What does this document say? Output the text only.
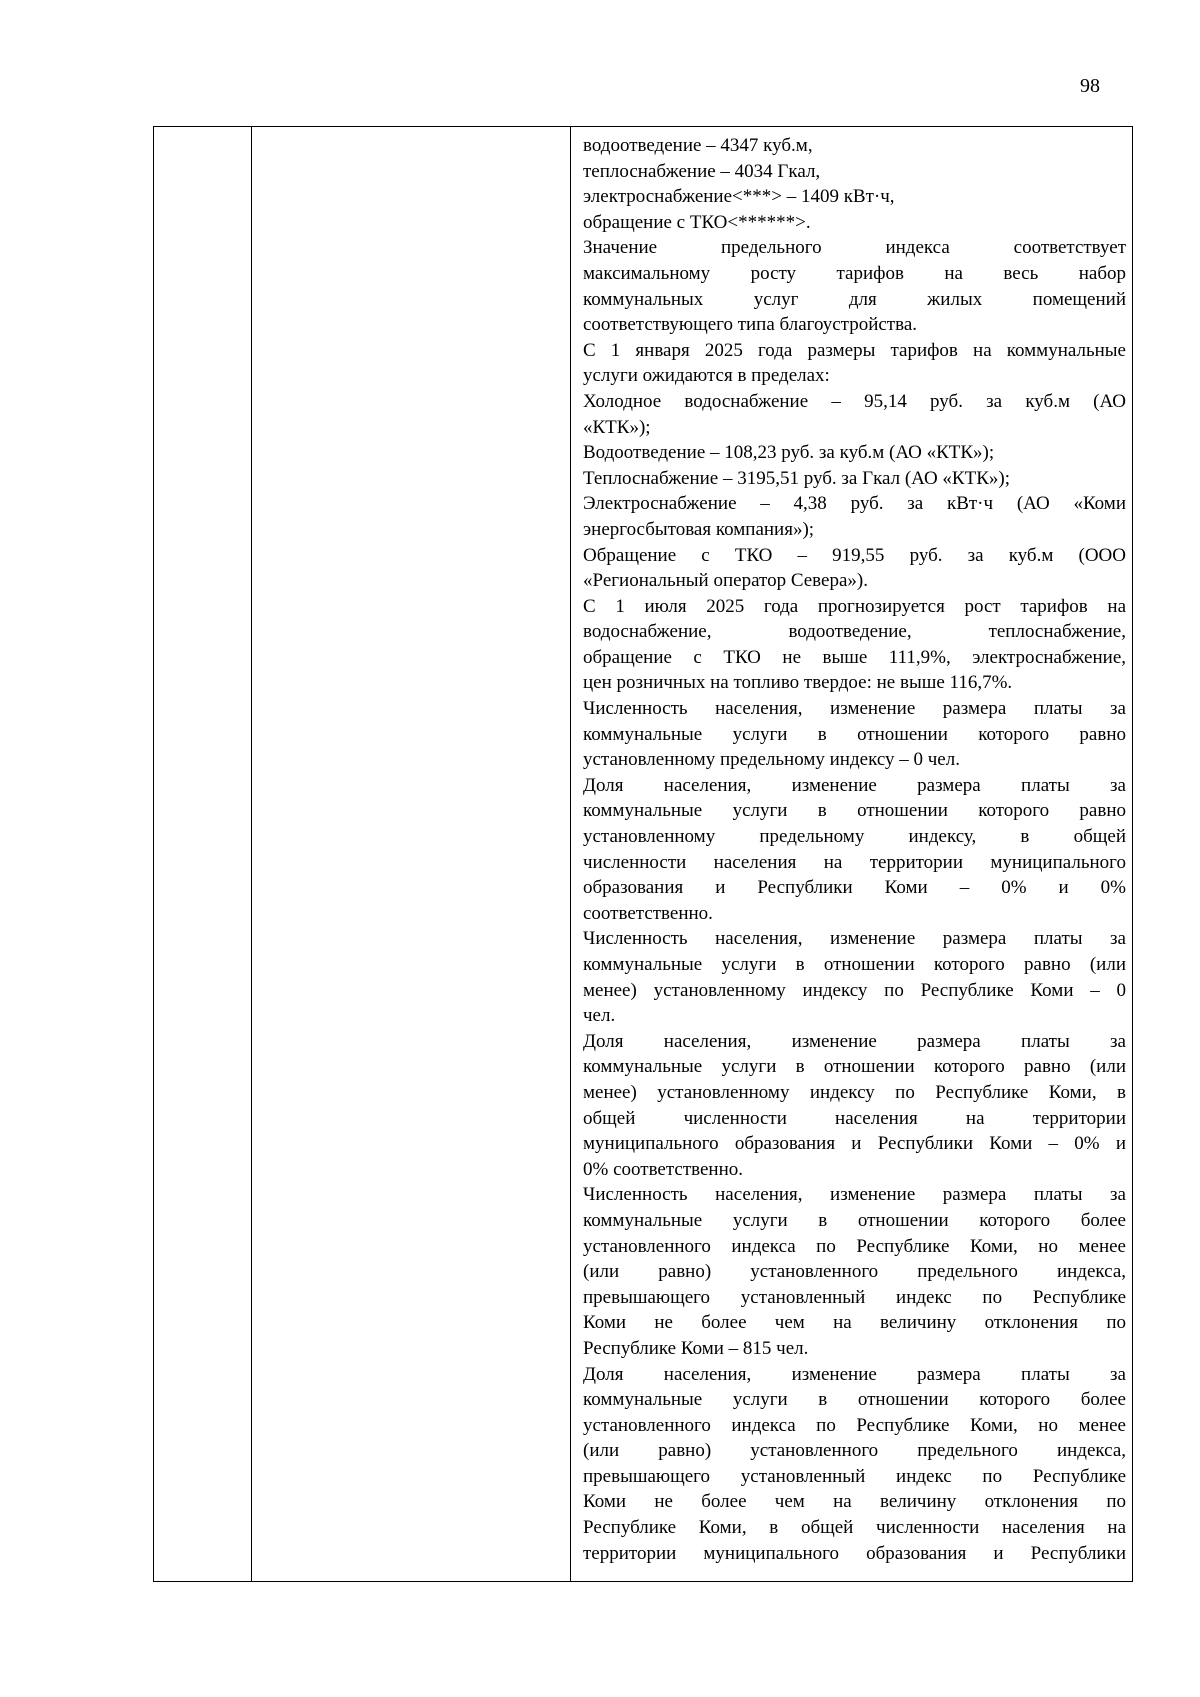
98

водоотведение – 4347 куб.м,
теплоснабжение – 4034 Гкал,
электроснабжение<***> – 1409 кВт·ч,
обращение с ТКО<******>.
Значение предельного индекса соответствует
максимальному росту тарифов на весь набор
коммунальных услуг для жилых помещений
соответствующего типа благоустройства.
С 1 января 2025 года размеры тарифов на коммунальные
услуги ожидаются в пределах:
Холодное водоснабжение – 95,14 руб. за куб.м (АО
«КТК»);
Водоотведение – 108,23 руб. за куб.м (АО «КТК»);
Теплоснабжение – 3195,51 руб. за Гкал (АО «КТК»);
Электроснабжение – 4,38 руб. за кВт·ч (АО «Коми
энергосбытовая компания»);
Обращение с ТКО – 919,55 руб. за куб.м (ООО
«Региональный оператор Севера»).
С 1 июля 2025 года прогнозируется рост тарифов на
водоснабжение, водоотведение, теплоснабжение,
обращение с ТКО не выше 111,9%, электроснабжение,
цен розничных на топливо твердое: не выше 116,7%.
Численность населения, изменение размера платы за
коммунальные услуги в отношении которого равно
установленному предельному индексу – 0 чел.
Доля населения, изменение размера платы за
коммунальные услуги в отношении которого равно
установленному предельному индексу, в общей
численности населения на территории муниципального
образования и Республики Коми – 0% и 0%
соответственно.
Численность населения, изменение размера платы за
коммунальные услуги в отношении которого равно (или
менее) установленному индексу по Республике Коми – 0
чел.
Доля населения, изменение размера платы за
коммунальные услуги в отношении которого равно (или
менее) установленному индексу по Республике Коми, в
общей численности населения на территории
муниципального образования и Республики Коми – 0% и
0% соответственно.
Численность населения, изменение размера платы за
коммунальные услуги в отношении которого более
установленного индекса по Республике Коми, но менее
(или равно) установленного предельного индекса,
превышающего установленный индекс по Республике
Коми не более чем на величину отклонения по
Республике Коми – 815 чел.
Доля населения, изменение размера платы за
коммунальные услуги в отношении которого более
установленного индекса по Республике Коми, но менее
(или равно) установленного предельного индекса,
превышающего установленный индекс по Республике
Коми не более чем на величину отклонения по
Республике Коми, в общей численности населения на
территории муниципального образования и Республики
